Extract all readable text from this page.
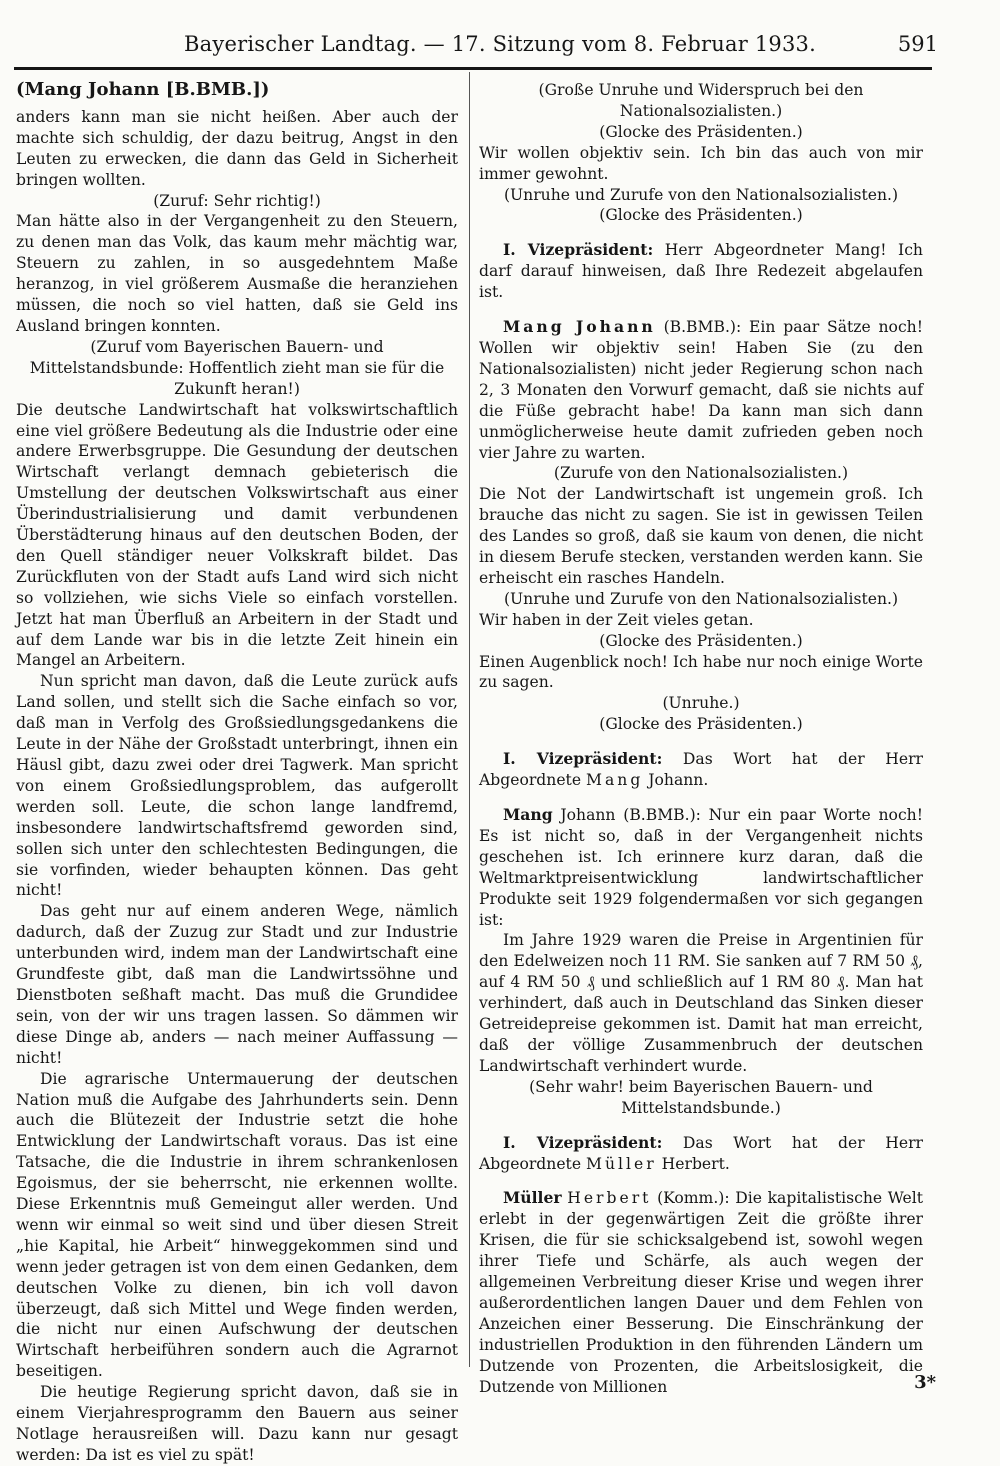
Bayerischer Landtag. — 17. Sitzung vom 8. Februar 1933.	591

(Mang Johann [B.BMB.])

anders kann man sie nicht heißen. Aber auch der machte sich schuldig, der dazu beitrug, Angst in den Leuten zu erwecken, die dann das Geld in Sicherheit bringen wollten.

(Zuruf: Sehr richtig!)

Man hätte also in der Vergangenheit zu den Steuern, zu denen man das Volk, das kaum mehr mächtig war, Steuern zu zahlen, in so ausgedehntem Maße heranzog, in viel größerem Ausmaße die heranziehen müssen, die noch so viel hatten, daß sie Geld ins Ausland bringen konnten.

(Zuruf vom Bayerischen Bauern- und Mittelstandsbunde: Hoffentlich zieht man sie für die Zukunft heran!)

Die deutsche Landwirtschaft hat volkswirtschaftlich eine viel größere Bedeutung als die Industrie oder eine andere Erwerbsgruppe. Die Gesundung der deutschen Wirtschaft verlangt demnach gebieterisch die Umstellung der deutschen Volkswirtschaft aus einer Überindustrialisierung und damit verbundenen Überstädterung hinaus auf den deutschen Boden, der den Quell ständiger neuer Volkskraft bildet. Das Zurückfluten von der Stadt aufs Land wird sich nicht so vollziehen, wie sichs Viele so einfach vorstellen. Jetzt hat man Überfluß an Arbeitern in der Stadt und auf dem Lande war bis in die letzte Zeit hinein ein Mangel an Arbeitern.

Nun spricht man davon, daß die Leute zurück aufs Land sollen, und stellt sich die Sache einfach so vor, daß man in Verfolg des Großsiedlungsgedankens die Leute in der Nähe der Großstadt unterbringt, ihnen ein Häusl gibt, dazu zwei oder drei Tagwerk. Man spricht von einem Großsiedlungsproblem, das aufgerollt werden soll. Leute, die schon lange landfremd, insbesondere landwirtschaftsfremd geworden sind, sollen sich unter den schlechtesten Bedingungen, die sie vorfinden, wieder behaupten können. Das geht nicht!

Das geht nur auf einem anderen Wege, nämlich dadurch, daß der Zuzug zur Stadt und zur Industrie unterbunden wird, indem man der Landwirtschaft eine Grundfeste gibt, daß man die Landwirtssöhne und Dienstboten seßhaft macht. Das muß die Grundidee sein, von der wir uns tragen lassen. So dämmen wir diese Dinge ab, anders — nach meiner Auffassung — nicht!

Die agrarische Untermauerung der deutschen Nation muß die Aufgabe des Jahrhunderts sein. Denn auch die Blütezeit der Industrie setzt die hohe Entwicklung der Landwirtschaft voraus. Das ist eine Tatsache, die die Industrie in ihrem schrankenlosen Egoismus, der sie beherrscht, nie erkennen wollte. Diese Erkenntnis muß Gemeingut aller werden. Und wenn wir einmal so weit sind und über diesen Streit „hie Kapital, hie Arbeit“ hinweggekommen sind und wenn jeder getragen ist von dem einen Gedanken, dem deutschen Volke zu dienen, bin ich voll davon überzeugt, daß sich Mittel und Wege finden werden, die nicht nur einen Aufschwung der deutschen Wirtschaft herbeiführen sondern auch die Agrarnot beseitigen.

Die heutige Regierung spricht davon, daß sie in einem Vierjahresprogramm den Bauern aus seiner Notlage herausreißen will. Dazu kann nur gesagt werden: Da ist es viel zu spät!

(Große Unruhe und Widerspruch bei den Nationalsozialisten.)

(Glocke des Präsidenten.)

Wir wollen objektiv sein. Ich bin das auch von mir immer gewohnt.

(Unruhe und Zurufe von den Nationalsozialisten.)

(Glocke des Präsidenten.)

I. Vizepräsident: Herr Abgeordneter Mang! Ich darf darauf hinweisen, daß Ihre Redezeit abgelaufen ist.

Mang Johann (B.BMB.): Ein paar Sätze noch! Wollen wir objektiv sein! Haben Sie (zu den Nationalsozialisten) nicht jeder Regierung schon nach 2, 3 Monaten den Vorwurf gemacht, daß sie nichts auf die Füße gebracht habe! Da kann man sich dann unmöglicherweise heute damit zufrieden geben noch vier Jahre zu warten.

(Zurufe von den Nationalsozialisten.)

Die Not der Landwirtschaft ist ungemein groß. Ich brauche das nicht zu sagen. Sie ist in gewissen Teilen des Landes so groß, daß sie kaum von denen, die nicht in diesem Berufe stecken, verstanden werden kann. Sie erheischt ein rasches Handeln.

(Unruhe und Zurufe von den Nationalsozialisten.)

Wir haben in der Zeit vieles getan.

(Glocke des Präsidenten.)

Einen Augenblick noch! Ich habe nur noch einige Worte zu sagen.

(Unruhe.)

(Glocke des Präsidenten.)

I. Vizepräsident: Das Wort hat der Herr Abgeordnete Mang Johann.

Mang Johann (B.BMB.): Nur ein paar Worte noch! Es ist nicht so, daß in der Vergangenheit nichts geschehen ist. Ich erinnere kurz daran, daß die Weltmarktpreisentwicklung landwirtschaftlicher Produkte seit 1929 folgendermaßen vor sich gegangen ist:

Im Jahre 1929 waren die Preise in Argentinien für den Edelweizen noch 11 RM. Sie sanken auf 7 RM 50 ₰, auf 4 RM 50 ₰ und schließlich auf 1 RM 80 ₰. Man hat verhindert, daß auch in Deutschland das Sinken dieser Getreidepreise gekommen ist. Damit hat man erreicht, daß der völlige Zusammenbruch der deutschen Landwirtschaft verhindert wurde.

(Sehr wahr! beim Bayerischen Bauern- und Mittelstandsbunde.)

I. Vizepräsident: Das Wort hat der Herr Abgeordnete Müller Herbert.

Müller Herbert (Komm.): Die kapitalistische Welt erlebt in der gegenwärtigen Zeit die größte ihrer Krisen, die für sie schicksalgebend ist, sowohl wegen ihrer Tiefe und Schärfe, als auch wegen der allgemeinen Verbreitung dieser Krise und wegen ihrer außerordentlichen langen Dauer und dem Fehlen von Anzeichen einer Besserung. Die Einschränkung der industriellen Produktion in den führenden Ländern um Dutzende von Prozenten, die Arbeitslosigkeit, die Dutzende von Millionen	3*
